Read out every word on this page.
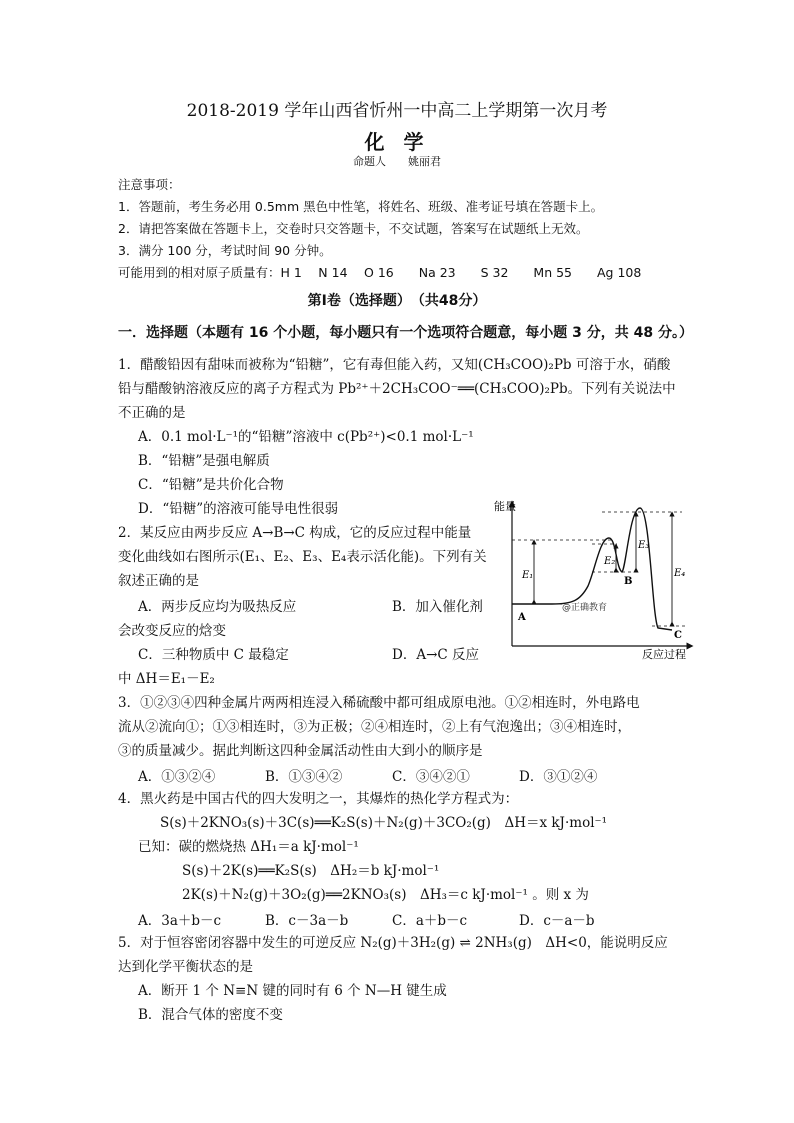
2018-2019 学年山西省忻州一中高二上学期第一次月考
化 学
命题人　　姚丽君
注意事项：
1．答题前，考生务必用 0.5mm 黑色中性笔，将姓名、班级、准考证号填在答题卡上。
2．请把答案做在答题卡上，交卷时只交答题卡，不交试题，答案写在试题纸上无效。
3．满分 100 分，考试时间 90 分钟。
可能用到的相对原子质量有：H 1　 N 14　 O 16　　Na 23　　S 32　　Mn 55　　Ag 108
第Ⅰ卷（选择题）　（共48分）
一．选择题（本题有 16 个小题，每小题只有一个选项符合题意，每小题 3 分，共 48 分。）
1．醋酸铅因有甜味而被称为“铅糖”，它有毒但能入药，又知(CH₃COO)₂Pb 可溶于水，硝酸
铅与醋酸钠溶液反应的离子方程式为 Pb²⁺＋2CH₃COO⁻══(CH₃COO)₂Pb。下列有关说法中
不正确的是
A．0.1 mol·L⁻¹的“铅糖”溶液中 c(Pb²⁺)<0.1 mol·L⁻¹
B．“铅糖”是强电解质
C．“铅糖”是共价化合物
D．“铅糖”的溶液可能导电性很弱
2．某反应由两步反应 A→B→C 构成，它的反应过程中能量
变化曲线如右图所示(E₁、E₂、E₃、E₄表示活化能)。下列有关
叙述正确的是
A．两步反应均为吸热反应	B．加入催化剂
会改变反应的焓变
C．三种物质中 C 最稳定	D．A→C 反应
中 ΔH＝E₁－E₂
能量
反应过程
E₁
E₂
E₃
E₄
A
B
C
@正确教育
3．①②③④四种金属片两两相连浸入稀硫酸中都可组成原电池。①②相连时，外电路电
流从②流向①；①③相连时，③为正极；②④相连时，②上有气泡逸出；③④相连时，
③的质量减少。据此判断这四种金属活动性由大到小的顺序是
A．①③②④	B．①③④②	C．③④②①	D．③①②④
4．黑火药是中国古代的四大发明之一，其爆炸的热化学方程式为：
S(s)＋2KNO₃(s)＋3C(s)══K₂S(s)＋N₂(g)＋3CO₂(g)　ΔH＝x kJ·mol⁻¹
已知：碳的燃烧热 ΔH₁＝a kJ·mol⁻¹
S(s)＋2K(s)══K₂S(s)　ΔH₂＝b kJ·mol⁻¹
2K(s)＋N₂(g)＋3O₂(g)══2KNO₃(s)　ΔH₃＝c kJ·mol⁻¹ 。则 x 为
A．3a＋b－c	B．c－3a－b	C．a＋b－c	D．c－a－b
5．对于恒容密闭容器中发生的可逆反应 N₂(g)＋3H₂(g) ⇌ 2NH₃(g)　ΔH<0，能说明反应
达到化学平衡状态的是
A．断开 1 个 N≡N 键的同时有 6 个 N—H 键生成
B．混合气体的密度不变
